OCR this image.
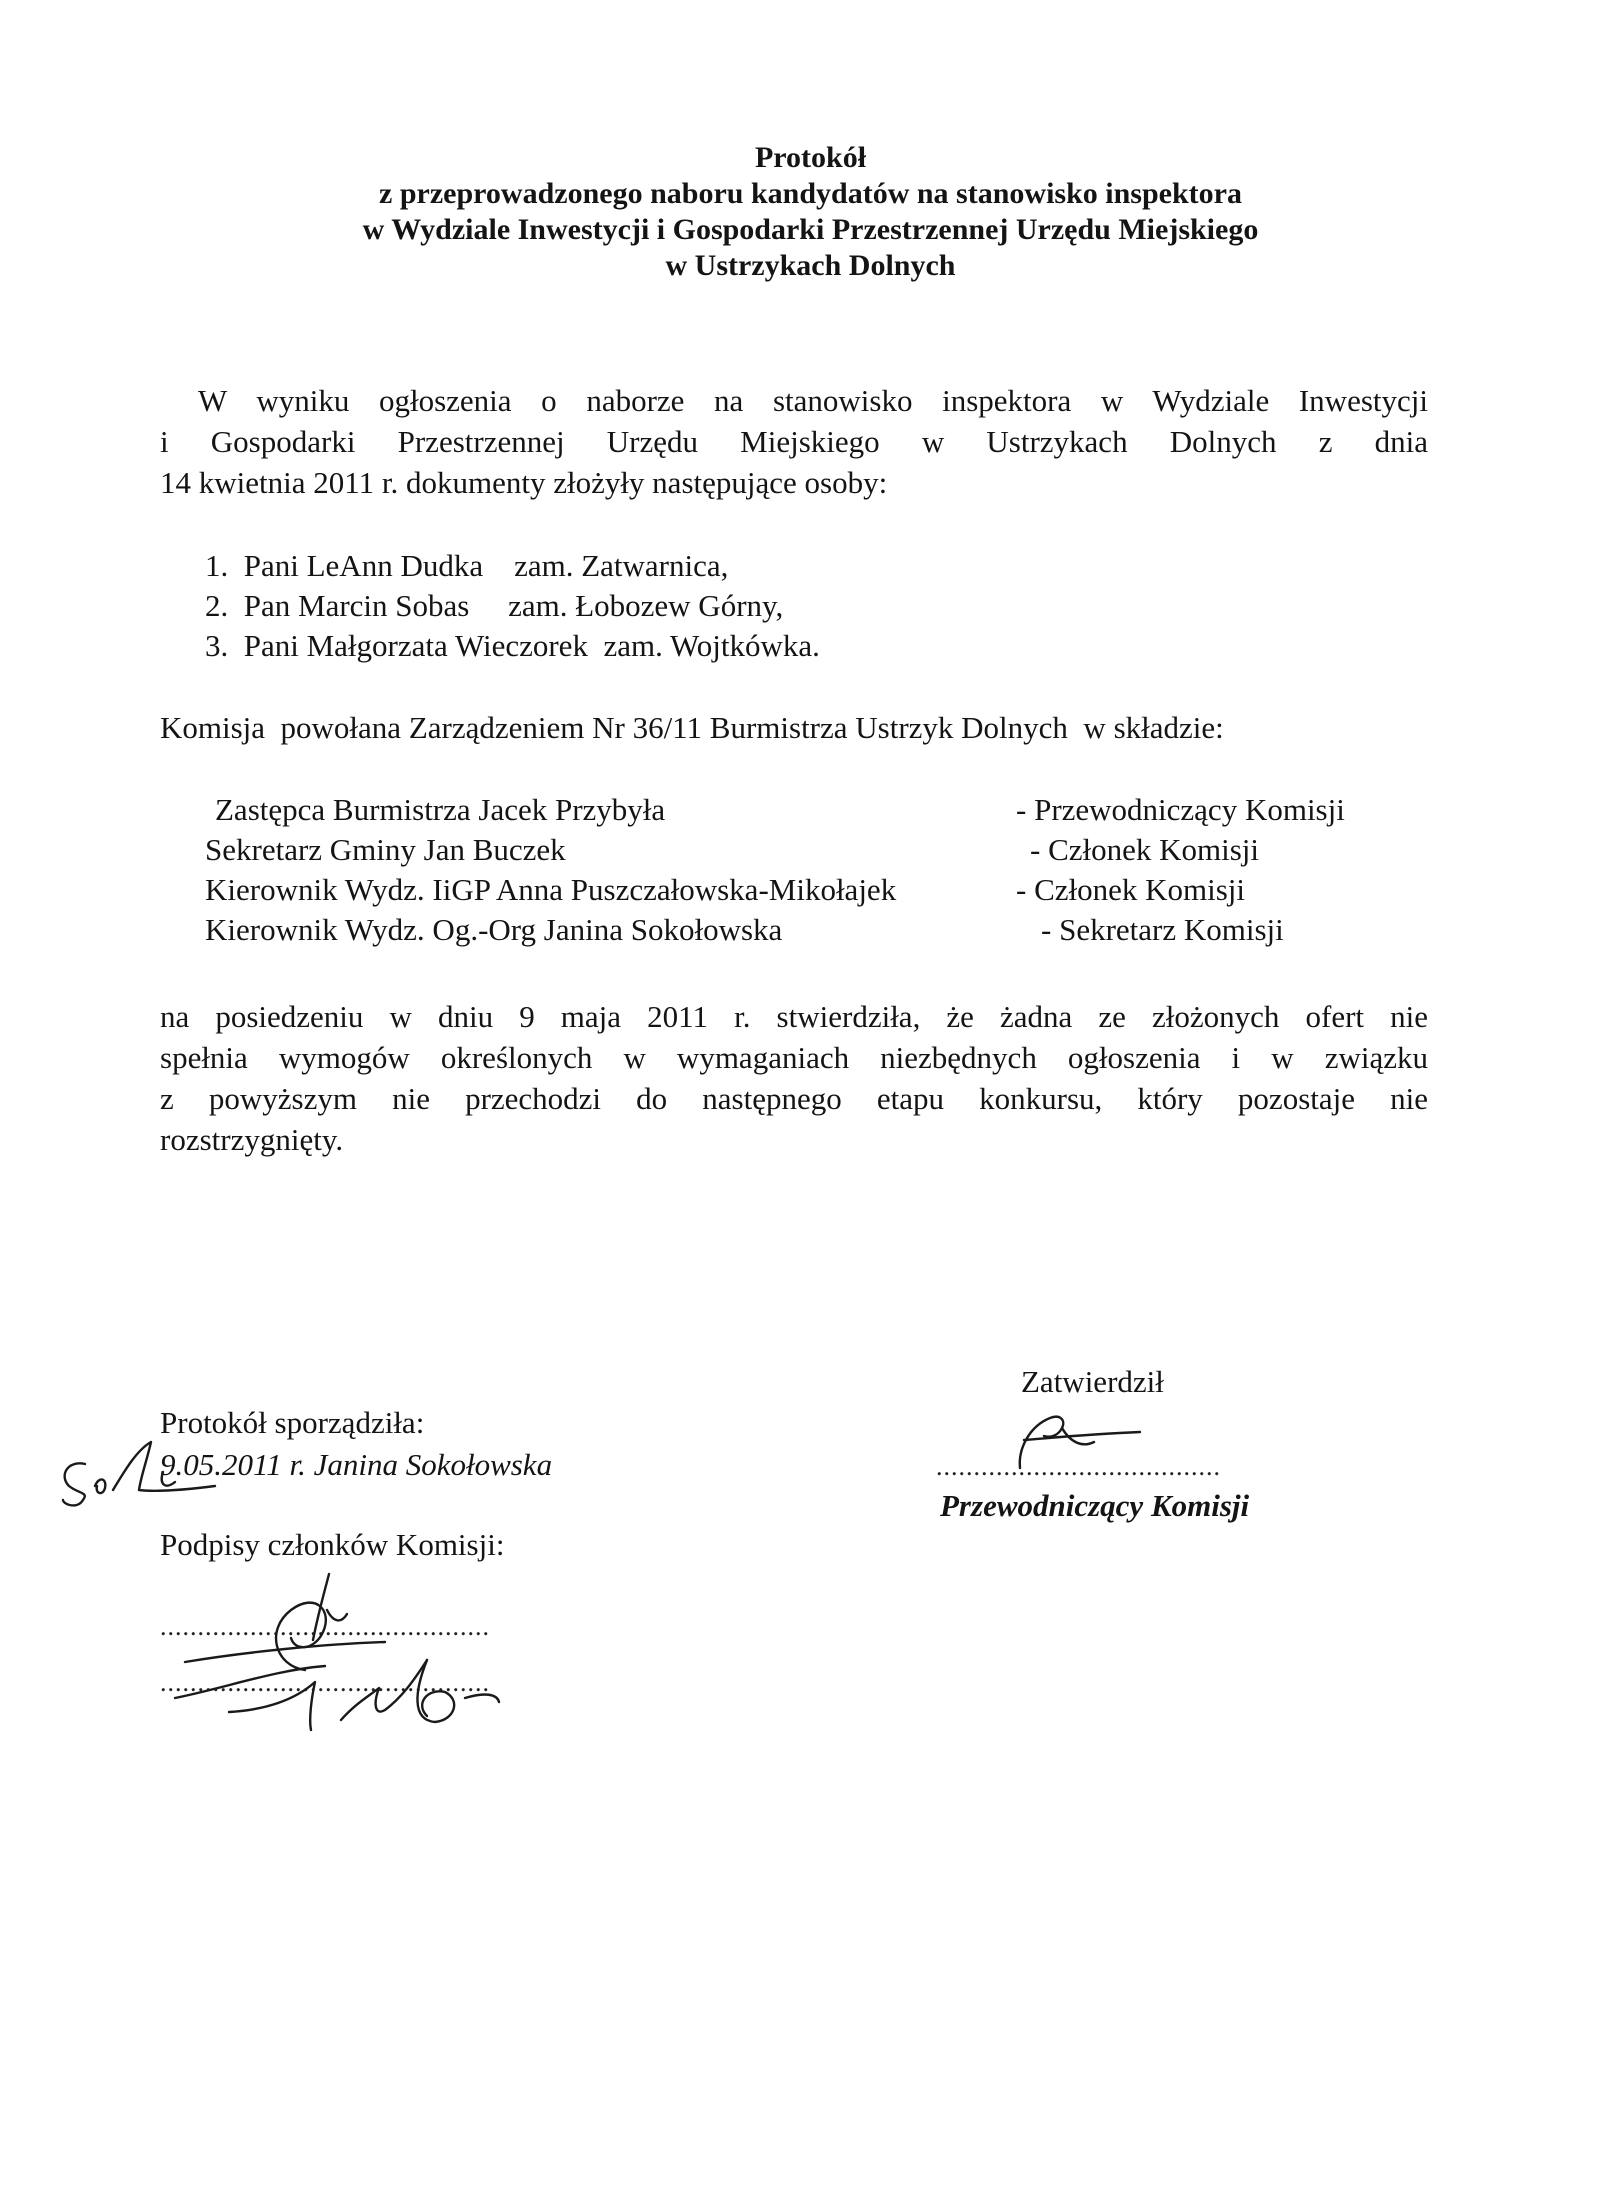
Protokół
z przeprowadzonego naboru kandydatów na stanowisko inspektora
w Wydziale Inwestycji i Gospodarki Przestrzennej Urzędu Miejskiego
w Ustrzykach Dolnych
W wyniku ogłoszenia o naborze na stanowisko inspektora w Wydziale Inwestycji
i Gospodarki Przestrzennej Urzędu Miejskiego w Ustrzykach Dolnych z dnia
14 kwietnia 2011 r. dokumenty złożyły następujące osoby:
1.  Pani LeAnn Dudka    zam. Zatwarnica,
2.  Pan Marcin Sobas     zam. Łobozew Górny,
3.  Pani Małgorzata Wieczorek  zam. Wojtkówka.
Komisja  powołana Zarządzeniem Nr 36/11 Burmistrza Ustrzyk Dolnych  w składzie:
Zastępca Burmistrza Jacek Przybyła	- Przewodniczący Komisji
Sekretarz Gminy Jan Buczek	- Członek Komisji
Kierownik Wydz. IiGP Anna Puszczałowska-Mikołajek	- Członek Komisji
Kierownik Wydz. Og.-Org Janina Sokołowska	- Sekretarz Komisji
na posiedzeniu w dniu 9 maja 2011 r. stwierdziła, że żadna ze złożonych ofert nie
spełnia wymogów określonych w wymaganiach niezbędnych ogłoszenia i w związku
z powyższym nie przechodzi do następnego etapu konkursu, który pozostaje nie
rozstrzygnięty.
Protokół sporządziła:
9.05.2011 r. Janina Sokołowska
Podpisy członków Komisji:
Zatwierdził
Przewodniczący Komisji
......................................
............................................
............................................
